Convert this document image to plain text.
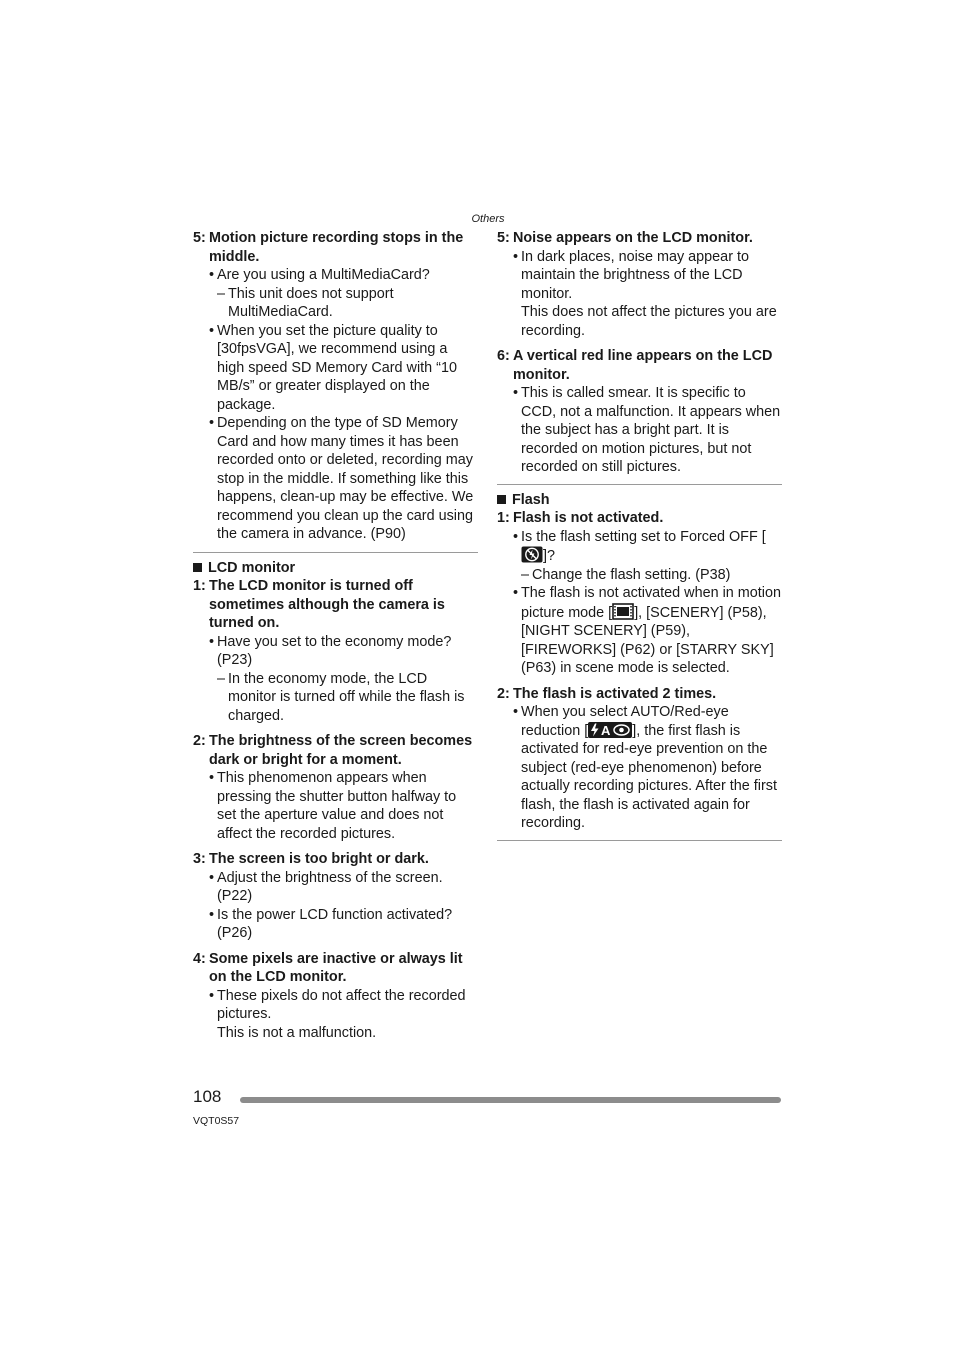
Others
5: Motion picture recording stops in the middle.
• Are you using a MultiMediaCard?
– This unit does not support MultiMediaCard.
• When you set the picture quality to [30fpsVGA], we recommend using a high speed SD Memory Card with “10 MB/s” or greater displayed on the package.
• Depending on the type of SD Memory Card and how many times it has been recorded onto or deleted, recording may stop in the middle. If something like this happens, clean-up may be effective. We recommend you clean up the card using the camera in advance. (P90)
LCD monitor
1: The LCD monitor is turned off sometimes although the camera is turned on.
• Have you set to the economy mode? (P23)
– In the economy mode, the LCD monitor is turned off while the flash is charged.
2: The brightness of the screen becomes dark or bright for a moment.
• This phenomenon appears when pressing the shutter button halfway to set the aperture value and does not affect the recorded pictures.
3: The screen is too bright or dark.
• Adjust the brightness of the screen. (P22)
• Is the power LCD function activated? (P26)
4: Some pixels are inactive or always lit on the LCD monitor.
• These pixels do not affect the recorded pictures.
This is not a malfunction.
5: Noise appears on the LCD monitor.
• In dark places, noise may appear to maintain the brightness of the LCD monitor.
This does not affect the pictures you are recording.
6: A vertical red line appears on the LCD monitor.
• This is called smear. It is specific to CCD, not a malfunction. It appears when the subject has a bright part. It is recorded on motion pictures, but not recorded on still pictures.
Flash
1: Flash is not activated.
• Is the flash setting set to Forced OFF []?
– Change the flash setting. (P38)
• The flash is not activated when in motion picture mode [ ], [SCENERY] (P58), [NIGHT SCENERY] (P59), [FIREWORKS] (P62) or [STARRY SKY] (P63) in scene mode is selected.
2: The flash is activated 2 times.
• When you select AUTO/Red-eye reduction [ A ], the first flash is activated for red-eye prevention on the subject (red-eye phenomenon) before actually recording pictures. After the first flash, the flash is activated again for recording.
108
VQT0S57
